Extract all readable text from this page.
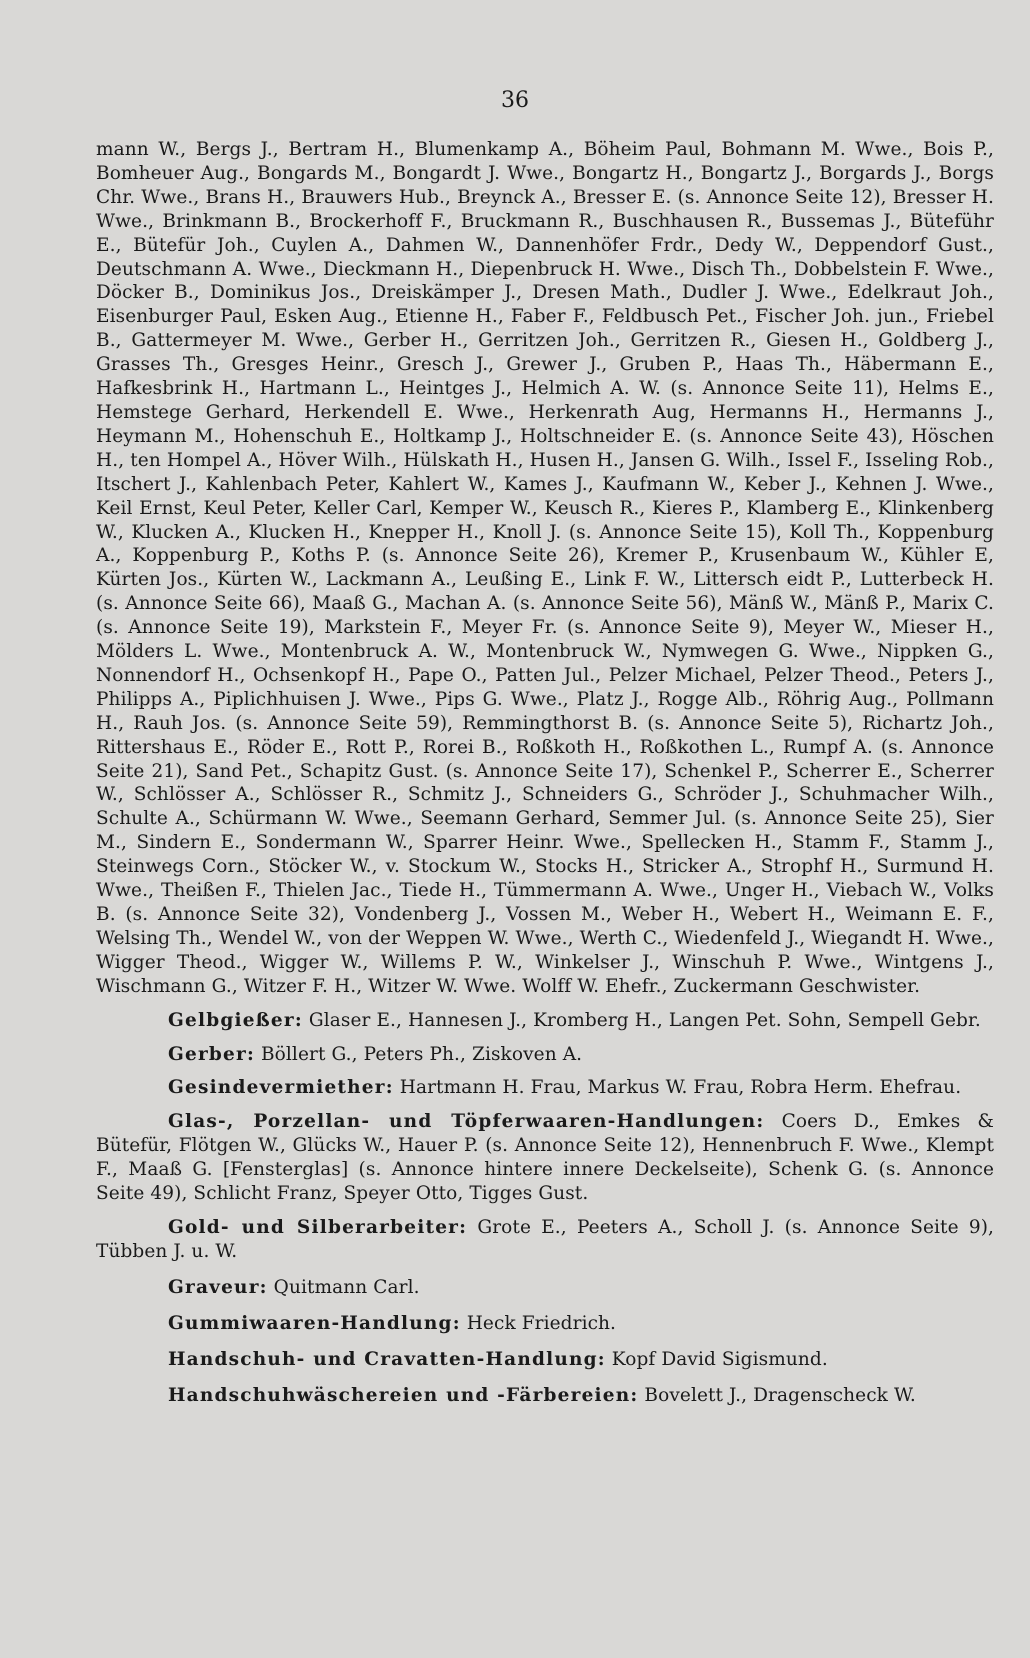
36

mann W., Bergs J., Bertram H., Blumenkamp A., Böheim Paul, Bohmann M. Wwe., Bois P., Bomheuer Aug., Bongards M., Bongardt J. Wwe., Bongartz H., Bongartz J., Borgards J., Borgs Chr. Wwe., Brans H., Brauwers Hub., Breynck A., Bresser E. (s. Annonce Seite 12), Bresser H. Wwe., Brinkmann B., Brockerhoff F., Bruckmann R., Buschhausen R., Bussemas J., Büteführ E., Bütefür Joh., Cuylen A., Dahmen W., Dannenhöfer Frdr., Dedy W., Deppendorf Gust., Deutschmann A. Wwe., Dieckmann H., Diepenbruck H. Wwe., Disch Th., Dobbelstein F. Wwe., Döcker B., Dominikus Jos., Dreiskämper J., Dresen Math., Dudler J. Wwe., Edelkraut Joh., Eisenburger Paul, Esken Aug., Etienne H., Faber F., Feldbusch Pet., Fischer Joh. jun., Friebel B., Gattermeyer M. Wwe., Gerber H., Gerritzen Joh., Gerritzen R., Giesen H., Goldberg J., Grasses Th., Gresges Heinr., Gresch J., Grewer J., Gruben P., Haas Th., Häbermann E., Hafkesbrink H., Hartmann L., Heintges J., Helmich A. W. (s. Annonce Seite 11), Helms E., Hemstege Gerhard, Herkendell E. Wwe., Herkenrath Aug, Hermanns H., Hermanns J., Heymann M., Hohenschuh E., Holtkamp J., Holtschneider E. (s. Annonce Seite 43), Höschen H., ten Hompel A., Höver Wilh., Hülskath H., Husen H., Jansen G. Wilh., Issel F., Isseling Rob., Itschert J., Kahlenbach Peter, Kahlert W., Kames J., Kaufmann W., Keber J., Kehnen J. Wwe., Keil Ernst, Keul Peter, Keller Carl, Kemper W., Keusch R., Kieres P., Klamberg E., Klinkenberg W., Klucken A., Klucken H., Knepper H., Knoll J. (s. Annonce Seite 15), Koll Th., Koppenburg A., Koppenburg P., Koths P. (s. Annonce Seite 26), Kremer P., Krusenbaum W., Kühler E, Kürten Jos., Kürten W., Lackmann A., Leußing E., Link F. W., Littersch eidt P., Lutterbeck H. (s. Annonce Seite 66), Maaß G., Machan A. (s. Annonce Seite 56), Mänß W., Mänß P., Marix C. (s. Annonce Seite 19), Markstein F., Meyer Fr. (s. Annonce Seite 9), Meyer W., Mieser H., Mölders L. Wwe., Montenbruck A. W., Montenbruck W., Nymwegen G. Wwe., Nippken G., Nonnendorf H., Ochsenkopf H., Pape O., Patten Jul., Pelzer Michael, Pelzer Theod., Peters J., Philipps A., Piplichhuisen J. Wwe., Pips G. Wwe., Platz J., Rogge Alb., Röhrig Aug., Pollmann H., Rauh Jos. (s. Annonce Seite 59), Remmingthorst B. (s. Annonce Seite 5), Richartz Joh., Rittershaus E., Röder E., Rott P., Rorei B., Roßkoth H., Roßkothen L., Rumpf A. (s. Annonce Seite 21), Sand Pet., Schapitz Gust. (s. Annonce Seite 17), Schenkel P., Scherrer E., Scherrer W., Schlösser A., Schlösser R., Schmitz J., Schneiders G., Schröder J., Schuhmacher Wilh., Schulte A., Schürmann W. Wwe., Seemann Gerhard, Semmer Jul. (s. Annonce Seite 25), Sier M., Sindern E., Sondermann W., Sparrer Heinr. Wwe., Spellecken H., Stamm F., Stamm J., Steinwegs Corn., Stöcker W., v. Stockum W., Stocks H., Stricker A., Strophf H., Surmund H. Wwe., Theißen F., Thielen Jac., Tiede H., Tümmermann A. Wwe., Unger H., Viebach W., Volks B. (s. Annonce Seite 32), Vondenberg J., Vossen M., Weber H., Webert H., Weimann E. F., Welsing Th., Wendel W., von der Weppen W. Wwe., Werth C., Wiedenfeld J., Wiegandt H. Wwe., Wigger Theod., Wigger W., Willems P. W., Winkelser J., Winschuh P. Wwe., Wintgens J., Wischmann G., Witzer F. H., Witzer W. Wwe. Wolff W. Ehefr., Zuckermann Geschwister.

Gelbgießer: Glaser E., Hannesen J., Kromberg H., Langen Pet. Sohn, Sempell Gebr.

Gerber: Böllert G., Peters Ph., Ziskoven A.

Gesindevermiether: Hartmann H. Frau, Markus W. Frau, Robra Herm. Ehefrau.

Glas-, Porzellan- und Töpferwaaren-Handlungen: Coers D., Emkes & Bütefür, Flötgen W., Glücks W., Hauer P. (s. Annonce Seite 12), Hennenbruch F. Wwe., Klempt F., Maaß G. [Fensterglas] (s. Annonce hintere innere Deckelseite), Schenk G. (s. Annonce Seite 49), Schlicht Franz, Speyer Otto, Tigges Gust.

Gold- und Silberarbeiter: Grote E., Peeters A., Scholl J. (s. Annonce Seite 9), Tübben J. u. W.

Graveur: Quitmann Carl.

Gummiwaaren-Handlung: Heck Friedrich.

Handschuh- und Cravatten-Handlung: Kopf David Sigismund.

Handschuhwäschereien und -Färbereien: Bovelett J., Dragenscheck W.
